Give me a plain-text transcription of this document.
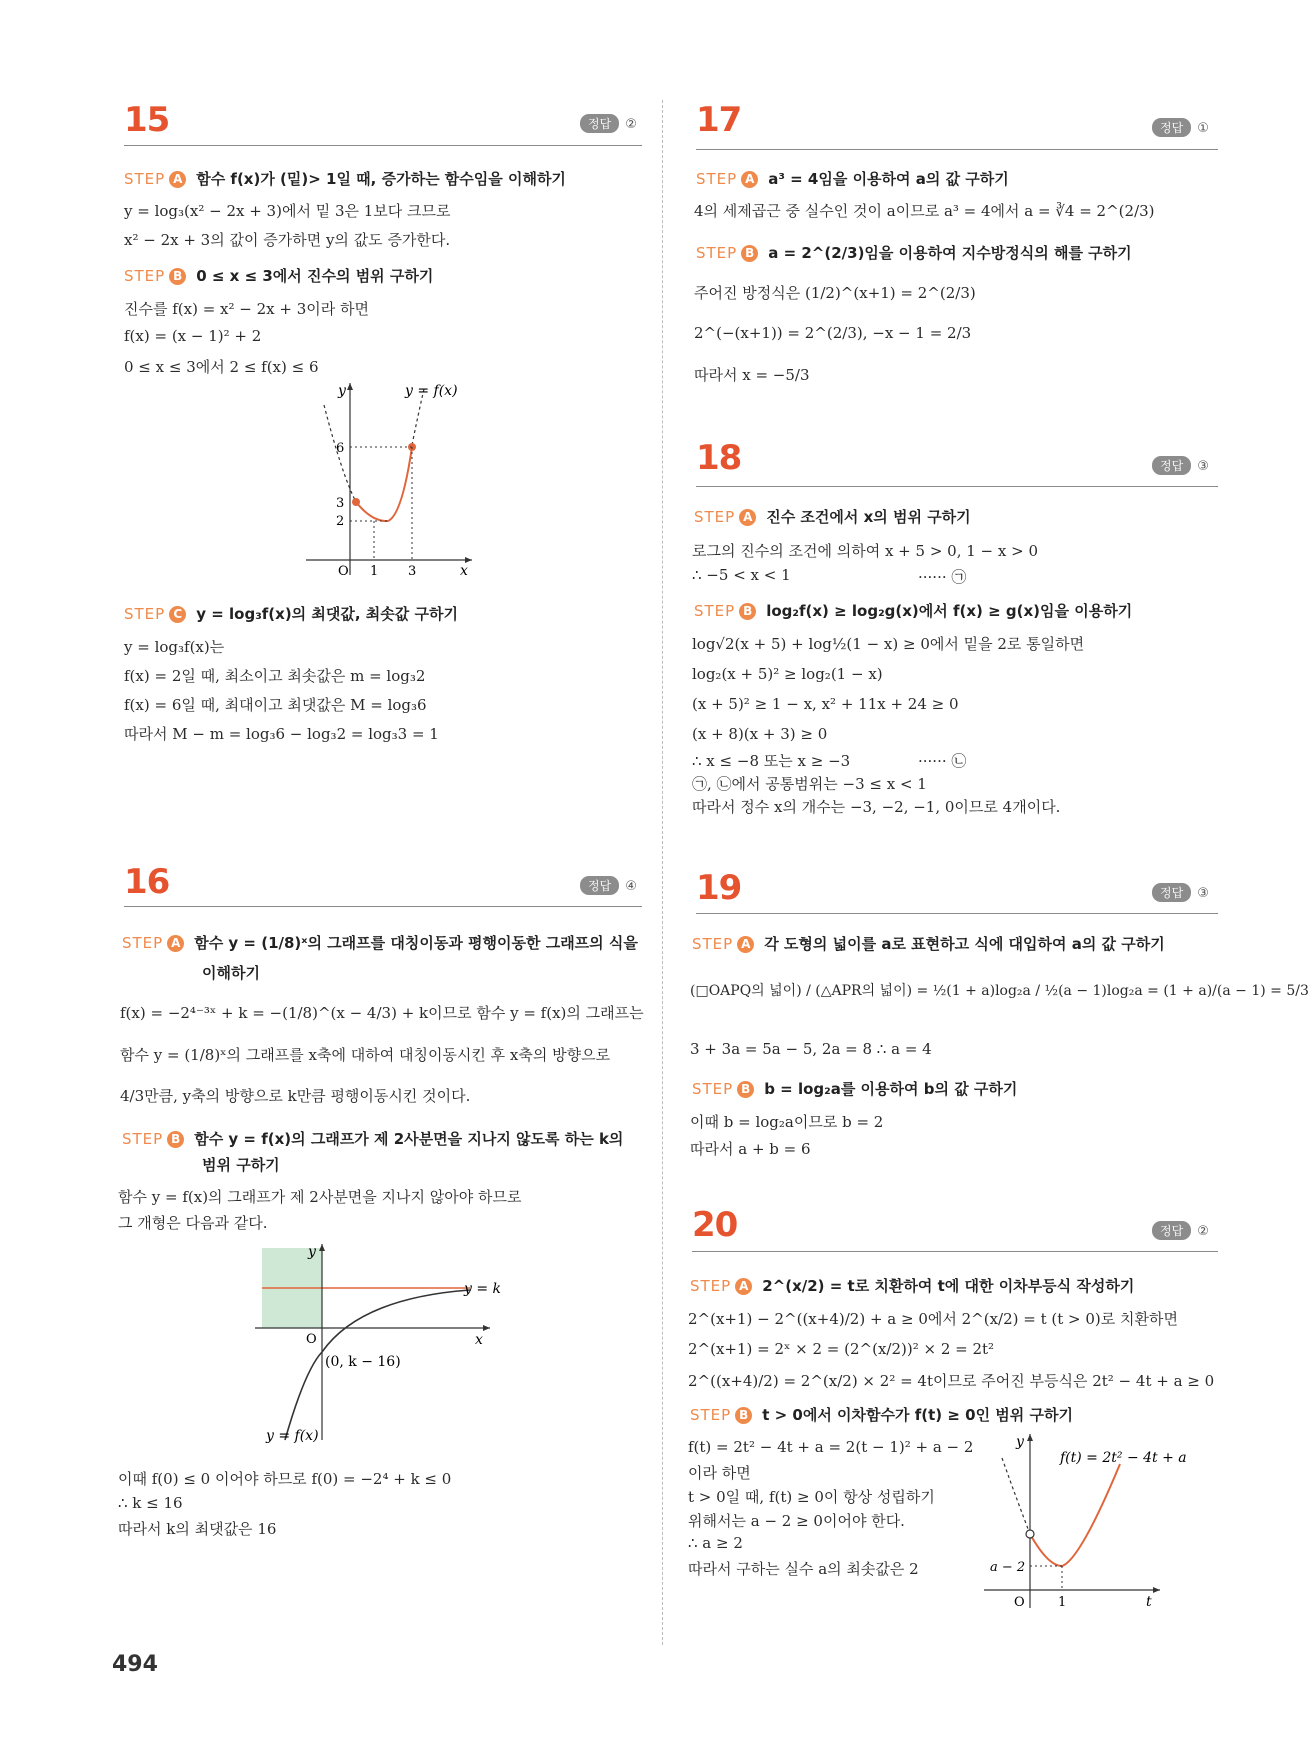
15	정답 ②
STEP A 함수 f(x)가 (밑)> 1일 때, 증가하는 함수임을 이해하기
y = log₃(x² − 2x + 3)에서 밑 3은 1보다 크므로
x² − 2x + 3의 값이 증가하면 y의 값도 증가한다.
STEP B 0 ≤ x ≤ 3에서 진수의 범위 구하기
진수를 f(x) = x² − 2x + 3이라 하면
f(x) = (x − 1)² + 2
0 ≤ x ≤ 3에서 2 ≤ f(x) ≤ 6
y	y = f(x)
6
3
2
O 1 3	x
STEP C y = log₃f(x)의 최댓값, 최솟값 구하기
y = log₃f(x)는
f(x) = 2일 때, 최소이고 최솟값은 m = log₃2
f(x) = 6일 때, 최대이고 최댓값은 M = log₃6
따라서 M − m = log₃6 − log₃2 = log₃3 = 1
16	정답 ④
STEP A 함수 y = (1/8)ˣ의 그래프를 대칭이동과 평행이동한 그래프의 식을
이해하기
f(x) = −2⁴⁻³ˣ + k = −(1/8)^(x − 4/3) + k이므로 함수 y = f(x)의 그래프는
함수 y = (1/8)ˣ의 그래프를 x축에 대하여 대칭이동시킨 후 x축의 방향으로
4/3만큼, y축의 방향으로 k만큼 평행이동시킨 것이다.
STEP B 함수 y = f(x)의 그래프가 제 2사분면을 지나지 않도록 하는 k의
범위 구하기
함수 y = f(x)의 그래프가 제 2사분면을 지나지 않아야 하므로
그 개형은 다음과 같다.
y
y = k
O	x
(0, k − 16)
y = f(x)
이때 f(0) ≤ 0 이어야 하므로 f(0) = −2⁴ + k ≤ 0
∴ k ≤ 16
따라서 k의 최댓값은 16
17	정답 ①
STEP A a³ = 4임을 이용하여 a의 값 구하기
4의 세제곱근 중 실수인 것이 a이므로 a³ = 4에서 a = ∛4 = 2^(2/3)
STEP B a = 2^(2/3)임을 이용하여 지수방정식의 해를 구하기
주어진 방정식은 (1/2)^(x+1) = 2^(2/3)
2^(−(x+1)) = 2^(2/3), −x − 1 = 2/3
따라서 x = −5/3
18	정답 ③
STEP A 진수 조건에서 x의 범위 구하기
로그의 진수의 조건에 의하여 x + 5 > 0, 1 − x > 0
∴ −5 < x < 1	······ ㉠
STEP B log₂f(x) ≥ log₂g(x)에서 f(x) ≥ g(x)임을 이용하기
log√2(x + 5) + log½(1 − x) ≥ 0에서 밑을 2로 통일하면
log₂(x + 5)² ≥ log₂(1 − x)
(x + 5)² ≥ 1 − x, x² + 11x + 24 ≥ 0
(x + 8)(x + 3) ≥ 0
∴ x ≤ −8 또는 x ≥ −3	······ ㉡
㉠, ㉡에서 공통범위는 −3 ≤ x < 1
따라서 정수 x의 개수는 −3, −2, −1, 0이므로 4개이다.
19	정답 ③
STEP A 각 도형의 넓이를 a로 표현하고 식에 대입하여 a의 값 구하기
(□OAPQ의 넓이) / (△APR의 넓이) = ½(1 + a)log₂a / ½(a − 1)log₂a = (1 + a)/(a − 1) = 5/3
3 + 3a = 5a − 5, 2a = 8 ∴ a = 4
STEP B b = log₂a를 이용하여 b의 값 구하기
이때 b = log₂a이므로 b = 2
따라서 a + b = 6
20	정답 ②
STEP A 2^(x/2) = t로 치환하여 t에 대한 이차부등식 작성하기
2^(x+1) − 2^((x+4)/2) + a ≥ 0에서 2^(x/2) = t (t > 0)로 치환하면
2^(x+1) = 2ˣ × 2 = (2^(x/2))² × 2 = 2t²
2^((x+4)/2) = 2^(x/2) × 2² = 4t이므로 주어진 부등식은 2t² − 4t + a ≥ 0
STEP B t > 0에서 이차함수가 f(t) ≥ 0인 범위 구하기
f(t) = 2t² − 4t + a = 2(t − 1)² + a − 2
이라 하면
t > 0일 때, f(t) ≥ 0이 항상 성립하기
위해서는 a − 2 ≥ 0이어야 한다.
∴ a ≥ 2
따라서 구하는 실수 a의 최솟값은 2
y
f(t) = 2t² − 4t + a
a − 2
O	1	t
494
